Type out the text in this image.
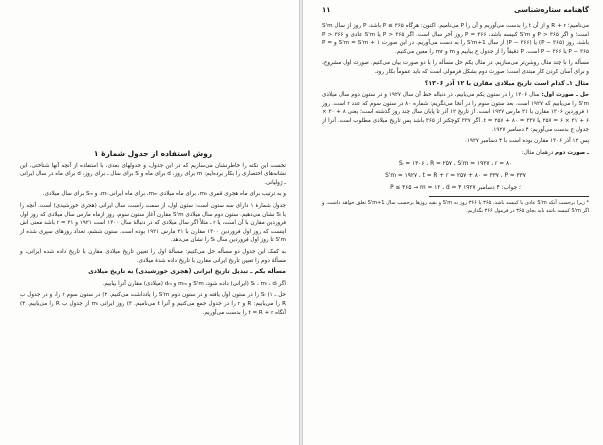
۱۱	گاهنامه ستاره‌شناسی

می‌نامیم؛ R + r و از آن t را بدست می‌آوریم و آن را P می‌نامیم. اکنون: هرگاه P ≤ ۳۶۵ باشد، P روز از سال S'm است؛ و اگر P > ۳۶۵ و S'm کبیسه باشد، P = ۳۶۶ روز آخر سال است. اگر P > ۳۶۵ یا S'm عادی و P > ۳۶۶ باشد، روز (P − ۳۶۵) یا (P − ۳۶۶) از سال S'm+1 را به دست می‌آوریم. در این صورت S'm = S'm + ۱ و P = P − ۳۶۵ یا P − ۳۶۶ است. P دقیقاً را از جدول ج بیابیم و m و mr را معین می‌کنیم.

مسأله را با چند مثال روشن‌تر می‌سازیم. در مثال یکم حل مسأله را با دو صورت بیان می‌کنیم. صورت اول مشروح، و برای آسان کردن کار مبتدی است؛ صورت دوم بشکل فرمولی است که باید عموماً بکار رود.

مثال ۱ـ کدام است تاریخ میلادی مقارن با ۱۲ آذر ۱۳۰۶؟

حل ـ صورت اول: سال ۱۳۰۶ را در ستون یکم می‌یابیم، در دنباله خط آن سال ۱۹۲۷ و در ستون دوم سال میلادی S'm را می‌یابیم که ۱۹۲۷ است. بعد ستون سوم را در آنجا می‌نگریم: شماره ۸۰ در ستون سوم که عدد r است. روز ۱ فروردین ۱۳۰۶ مقارن با ۲۱ مارس ۱۹۲۷ است. از تاریخ ۱۲ آذر تا پایان سال چند روز گذشته است؛ یعنی ۸ + ۳۰ × ۶ + ۳۱ × ۶ = ۲۵۷ یا t = ۲۵۷ + ۸۰ = ۳۳۷. اگر ۳۳۷ کوچکتر از ۳۶۵ باشد پس تاریخ میلادی مطلوب است. آنرا از جدول ج بدست می‌آوریم: ۴ دسامبر ۱۹۲۷.

پس ۱۲ آذر ۱۳۰۶ مقارن بوده است با ۴ دسامبر ۱۹۲۷.

ـ صورت دوم درهمان مثال:

Sᵢ = ۱۳۰۶ ، R = ۲۵۷ ، S'm = ۱۹۲۷ ، r = ۸۰
S'm = ۱۹۲۷ ، t = R + r = ۲۵۷ + ۸۰ = ۳۳۷ ، P = ۳۳۷
P ≤ ۳۶۵ → m = ۱۲ ، d = ۴ ؛ جواب: ۴ دسامبر ۱۹۲۷

* زیرا برحسب آنکه S'm عادی یا کبیسه باشد، ۳۶۵ یا ۳۶۶ روز به S'm و بقیه روزها برحسب سال S'm+1 تعلق خواهد داشت، و اگر S'm کبیسه باشد باید بجای ۳۶۵ در فرمول ۳۶۶ بگذاریم.

روش استفاده از جدول شمارهٔ ۱

نخست این نکته را خاطرنشان می‌سازیم که در این جدول، و جدولهای بعدی، با استفاده از آنچه آنها شناختی، این نشانه‌های اختصاری را بکار برده‌ایم: m برای روز، d برای ماه و S برای سال ـ برای روز، d برای ماه در سال ایرانی ـ ژولیانی.

و به ترتیب برای ماه هجری قمری mₕ، برای ماه میلادی mₘ، برای ماه ایرانی mᵢ، و Sₘ برای سال میلادی.

جدول شمارهٔ ۱ دارای سه ستون است: ستون اول، از سمت راست، سال ایرانی (هجری خورشیدی) است. آنچه را با Sᵢ نشان می‌دهیم. ستون دوم سال میلادی S'm مقارن آغاز ستون سوم، روز ازماه مارس سال میلادی که روز اول فروردین مقارن با آن است، یا r ـ مثلاً اگر سال میلادی که در دنبالهٔ سال ۱۳۰۰ است ۱۹۲۱ و r = ۲۱ باشد معنی اش اینست که روز اول فروردین ۱۳۰۰ مقارن با ۲۱ مارس ۱۹۲۱ بوده است. ستون ششم، تعداد روزهای سپری شده از S'm تا روز اول فروردین سال Sᵢ را نشان می‌دهد.

به کمک این جدول دو مسأله حل می‌کنیم: مسألهٔ اول را تعیین تاریخ میلادی مقارن با تاریخ داده شده ایرانی، و مسألهٔ دوم را تعیین تاریخ ایرانی مقارن با تاریخ داده شدهٔ میلادی.

مسأله یکم ـ تبدیل تاریخ ایرانی (هجری خورشیدی) به تاریخ میلادی

اگر Sᵢ ، mᵢ ، dᵢ (ایرانی) داده شود، S'm و mₘ و dₘ (میلادی) مقارن آنرا بیابیم.

حل ـ ۱) Sᵢ را در ستون اول یافته و در ستون دوم S'm را یادداشت می‌کنیم. ۲) در ستون سوم r را، و در جدول ب R را می‌یابیم: R و r را در جدول جمع می‌کنیم و آنرا t می‌نامیم. ۳) روز ایرانی mᵢ از جدول ب R را می‌یابیم. ۴) آنگاه t = R + r را بدست می‌آوریم.
